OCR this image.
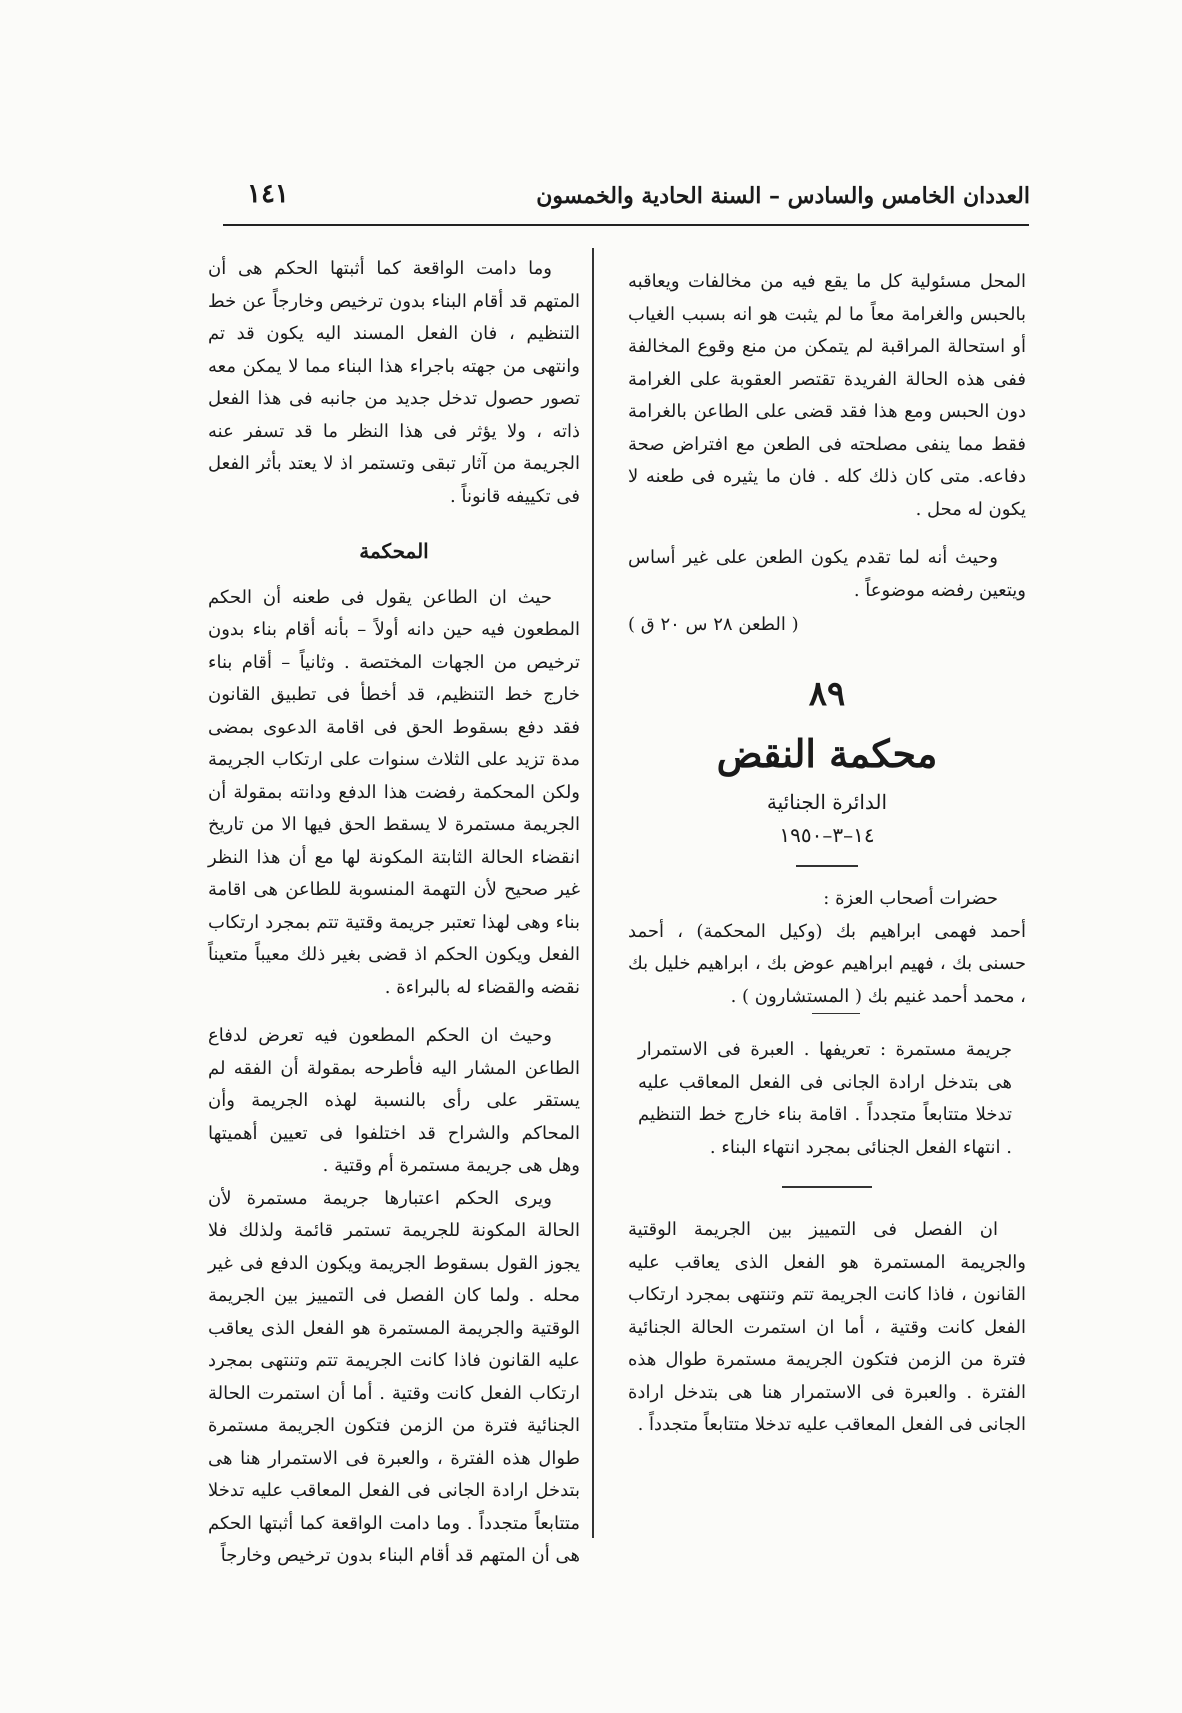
العددان الخامس والسادس – السنة الحادية والخمسون
١٤١

المحل مسئولية كل ما يقع فيه من مخالفات ويعاقبه بالحبس والغرامة معاً ما لم يثبت هو انه بسبب الغياب أو استحالة المراقبة لم يتمكن من منع وقوع المخالفة ففى هذه الحالة الفريدة تقتصر العقوبة على الغرامة دون الحبس ومع هذا فقد قضى على الطاعن بالغرامة فقط مما ينفى مصلحته فى الطعن مع افتراض صحة دفاعه. متى كان ذلك كله . فان ما يثيره فى طعنه لا يكون له محل .

وحيث أنه لما تقدم يكون الطعن على غير أساس ويتعين رفضه موضوعاً .

( الطعن ٢٨ س ٢٠ ق )

٨٩

محكمة النقض

الدائرة الجنائية

١٤–٣–١٩٥٠

حضرات أصحاب العزة :

أحمد فهمى ابراهيم بك (وكيل المحكمة) ، أحمد حسنى بك ، فهيم ابراهيم عوض بك ، ابراهيم خليل بك ، محمد أحمد غنيم بك ( المستشارون ) .

جريمة مستمرة : تعريفها . العبرة فى الاستمرار هى بتدخل ارادة الجانى فى الفعل المعاقب عليه تدخلا متتابعاً متجدداً . اقامة بناء خارج خط التنظيم . انتهاء الفعل الجنائى بمجرد انتهاء البناء .

ان الفصل فى التمييز بين الجريمة الوقتية والجريمة المستمرة هو الفعل الذى يعاقب عليه القانون ، فاذا كانت الجريمة تتم وتنتهى بمجرد ارتكاب الفعل كانت وقتية ، أما ان استمرت الحالة الجنائية فترة من الزمن فتكون الجريمة مستمرة طوال هذه الفترة . والعبرة فى الاستمرار هنا هى بتدخل ارادة الجانى فى الفعل المعاقب عليه تدخلا متتابعاً متجدداً .

وما دامت الواقعة كما أثبتها الحكم هى أن المتهم قد أقام البناء بدون ترخيص وخارجاً عن خط التنظيم ، فان الفعل المسند اليه يكون قد تم وانتهى من جهته باجراء هذا البناء مما لا يمكن معه تصور حصول تدخل جديد من جانبه فى هذا الفعل ذاته ، ولا يؤثر فى هذا النظر ما قد تسفر عنه الجريمة من آثار تبقى وتستمر اذ لا يعتد بأثر الفعل فى تكييفه قانوناً .

المحكمة

حيث ان الطاعن يقول فى طعنه أن الحكم المطعون فيه حين دانه أولاً – بأنه أقام بناء بدون ترخيص من الجهات المختصة . وثانياً – أقام بناء خارج خط التنظيم، قد أخطأ فى تطبيق القانون فقد دفع بسقوط الحق فى اقامة الدعوى بمضى مدة تزيد على الثلاث سنوات على ارتكاب الجريمة ولكن المحكمة رفضت هذا الدفع ودانته بمقولة أن الجريمة مستمرة لا يسقط الحق فيها الا من تاريخ انقضاء الحالة الثابتة المكونة لها مع أن هذا النظر غير صحيح لأن التهمة المنسوبة للطاعن هى اقامة بناء وهى لهذا تعتبر جريمة وقتية تتم بمجرد ارتكاب الفعل ويكون الحكم اذ قضى بغير ذلك معيباً متعيناً نقضه والقضاء له بالبراءة .

وحيث ان الحكم المطعون فيه تعرض لدفاع الطاعن المشار اليه فأطرحه بمقولة أن الفقه لم يستقر على رأى بالنسبة لهذه الجريمة وأن المحاكم والشراح قد اختلفوا فى تعيين أهميتها وهل هى جريمة مستمرة أم وقتية .

ويرى الحكم اعتبارها جريمة مستمرة لأن الحالة المكونة للجريمة تستمر قائمة ولذلك فلا يجوز القول بسقوط الجريمة ويكون الدفع فى غير محله . ولما كان الفصل فى التمييز بين الجريمة الوقتية والجريمة المستمرة هو الفعل الذى يعاقب عليه القانون فاذا كانت الجريمة تتم وتنتهى بمجرد ارتكاب الفعل كانت وقتية . أما أن استمرت الحالة الجنائية فترة من الزمن فتكون الجريمة مستمرة طوال هذه الفترة ، والعبرة فى الاستمرار هنا هى بتدخل ارادة الجانى فى الفعل المعاقب عليه تدخلا متتابعاً متجدداً . وما دامت الواقعة كما أثبتها الحكم هى أن المتهم قد أقام البناء بدون ترخيص وخارجاً
